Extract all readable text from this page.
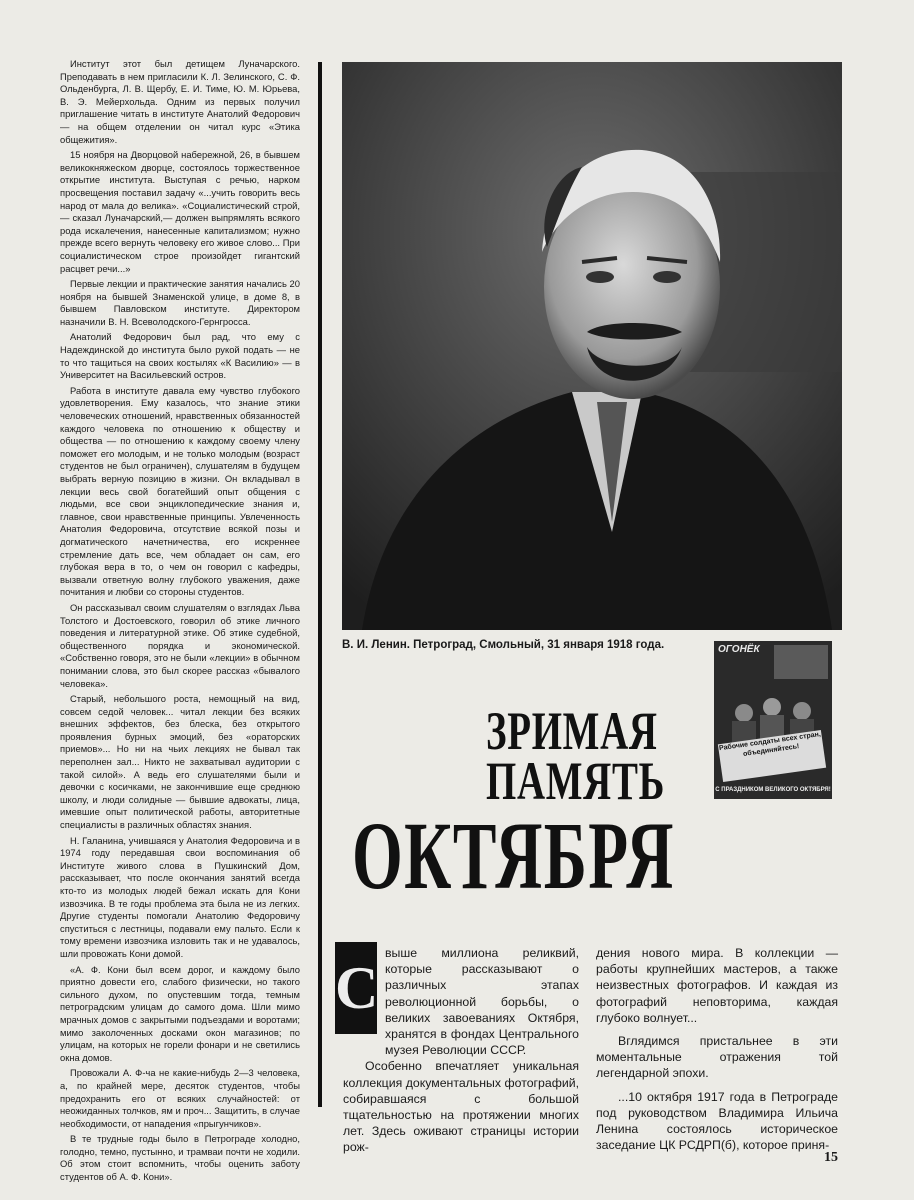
Институт этот был детищем Луначарского. Преподавать в нем пригласили К. Л. Зелинского, С. Ф. Ольденбурга, Л. В. Щербу, Е. И. Тиме, Ю. М. Юрьева, В. Э. Мейерхольда. Одним из первых получил приглашение читать в институте Анатолий Федорович — на общем отделении он читал курс «Этика общежития».

15 ноября на Дворцовой набережной, 26, в бывшем великокняжеском дворце, состоялось торжественное открытие института. Выступая с речью, нарком просвещения поставил задачу «...учить говорить весь народ от мала до велика». «Социалистический строй,— сказал Луначарский,— должен выпрямлять всякого рода искалечения, нанесенные капитализмом; нужно прежде всего вернуть человеку его живое слово... При социалистическом строе произойдет гигантский расцвет речи...»

Первые лекции и практические занятия начались 20 ноября на бывшей Знаменской улице, в доме 8, в бывшем Павловском институте. Директором назначили В. Н. Всеволодского-Гернгросса.

Анатолий Федорович был рад, что ему с Надеждинской до института было рукой подать — не то что тащиться на своих костылях «К Василию» — в Университет на Васильевский остров.

Работа в институте давала ему чувство глубокого удовлетворения. Ему казалось, что знание этики человеческих отношений, нравственных обязанностей каждого человека по отношению к обществу и общества — по отношению к каждому своему члену поможет его молодым, и не только молодым (возраст студентов не был ограничен), слушателям в будущем выбрать верную позицию в жизни. Он вкладывал в лекции весь свой богатейший опыт общения с людьми, все свои энциклопедические знания и, главное, свои нравственные принципы. Увлеченность Анатолия Федоровича, отсутствие всякой позы и догматического начетничества, его искреннее стремление дать все, чем обладает он сам, его глубокая вера в то, о чем он говорил с кафедры, вызвали ответную волну глубокого уважения, даже почитания и любви со стороны студентов.

Он рассказывал своим слушателям о взглядах Льва Толстого и Достоевского, говорил об этике личного поведения и литературной этике. Об этике судебной, общественного порядка и экономической. «Собственно говоря, это не были «лекции» в обычном понимании слова, это был скорее рассказ «бывалого человека».

Старый, небольшого роста, немощный на вид, совсем седой человек... читал лекции без всяких внешних эффектов, без блеска, без открытого проявления бурных эмоций, без «ораторских приемов»... Но ни на чьих лекциях не бывал так переполнен зал... Никто не захватывал аудитории с такой силой». А ведь его слушателями были и девочки с косичками, не закончившие еще среднюю школу, и люди солидные — бывшие адвокаты, лица, имевшие опыт политической работы, авторитетные специалисты в различных областях знания.

Н. Галанина, учившаяся у Анатолия Федоровича и в 1974 году передавшая свои воспоминания об Институте живого слова в Пушкинский Дом, рассказывает, что после окончания занятий всегда кто-то из молодых людей бежал искать для Кони извозчика. В те годы проблема эта была не из легких. Другие студенты помогали Анатолию Федоровичу спуститься с лестницы, подавали ему пальто. Если к тому времени извозчика изловить так и не удавалось, шли провожать Кони домой.

«А. Ф. Кони был всем дорог, и каждому было приятно довести его, слабого физически, но такого сильного духом, по опустевшим тогда, темным петроградским улицам до самого дома. Шли мимо мрачных домов с закрытыми подъездами и воротами; мимо заколоченных досками окон магазинов; по улицам, на которых не горели фонари и не светились окна домов.

Провожали А. Ф-ча не какие-нибудь 2—3 человека, а, по крайней мере, десяток студентов, чтобы предохранить его от всяких случайностей: от неожиданных толчков, ям и проч... Защитить, в случае необходимости, от нападения «прыгунчиков».

В те трудные годы было в Петрограде холодно, голодно, темно, пустынно, и трамваи почти не ходили. Об этом стоит вспомнить, чтобы оценить заботу студентов об А. Ф. Кони».

В. И. Ленин. Петроград, Смольный, 31 января 1918 года.	ОГОНЁК
Рабочие солдаты всех стран, объединяйтесь!
С ПРАЗДНИКОМ ВЕЛИКОГО ОКТЯБРЯ!
ЗРИМАЯ
ПАМЯТЬ
ОКТЯБРЯ
С

выше миллиона реликвий, которые рассказывают о различных этапах революционной борьбы, о великих завоеваниях Октября, хранятся в фондах Центрального музея Революции СССР.

Особенно впечатляет уникальная коллекция документальных фотографий, собиравшаяся с большой тщательностью на протяжении многих лет. Здесь оживают страницы истории рож-

дения нового мира. В коллекции — работы крупнейших мастеров, а также неизвестных фотографов. И каждая из фотографий неповторима, каждая глубоко волнует...

Вглядимся пристальнее в эти моментальные отражения той легендарной эпохи.

...10 октября 1917 года в Петрограде под руководством Владимира Ильича Ленина состоялось историческое заседание ЦК РСДРП(б), которое приня-

15
